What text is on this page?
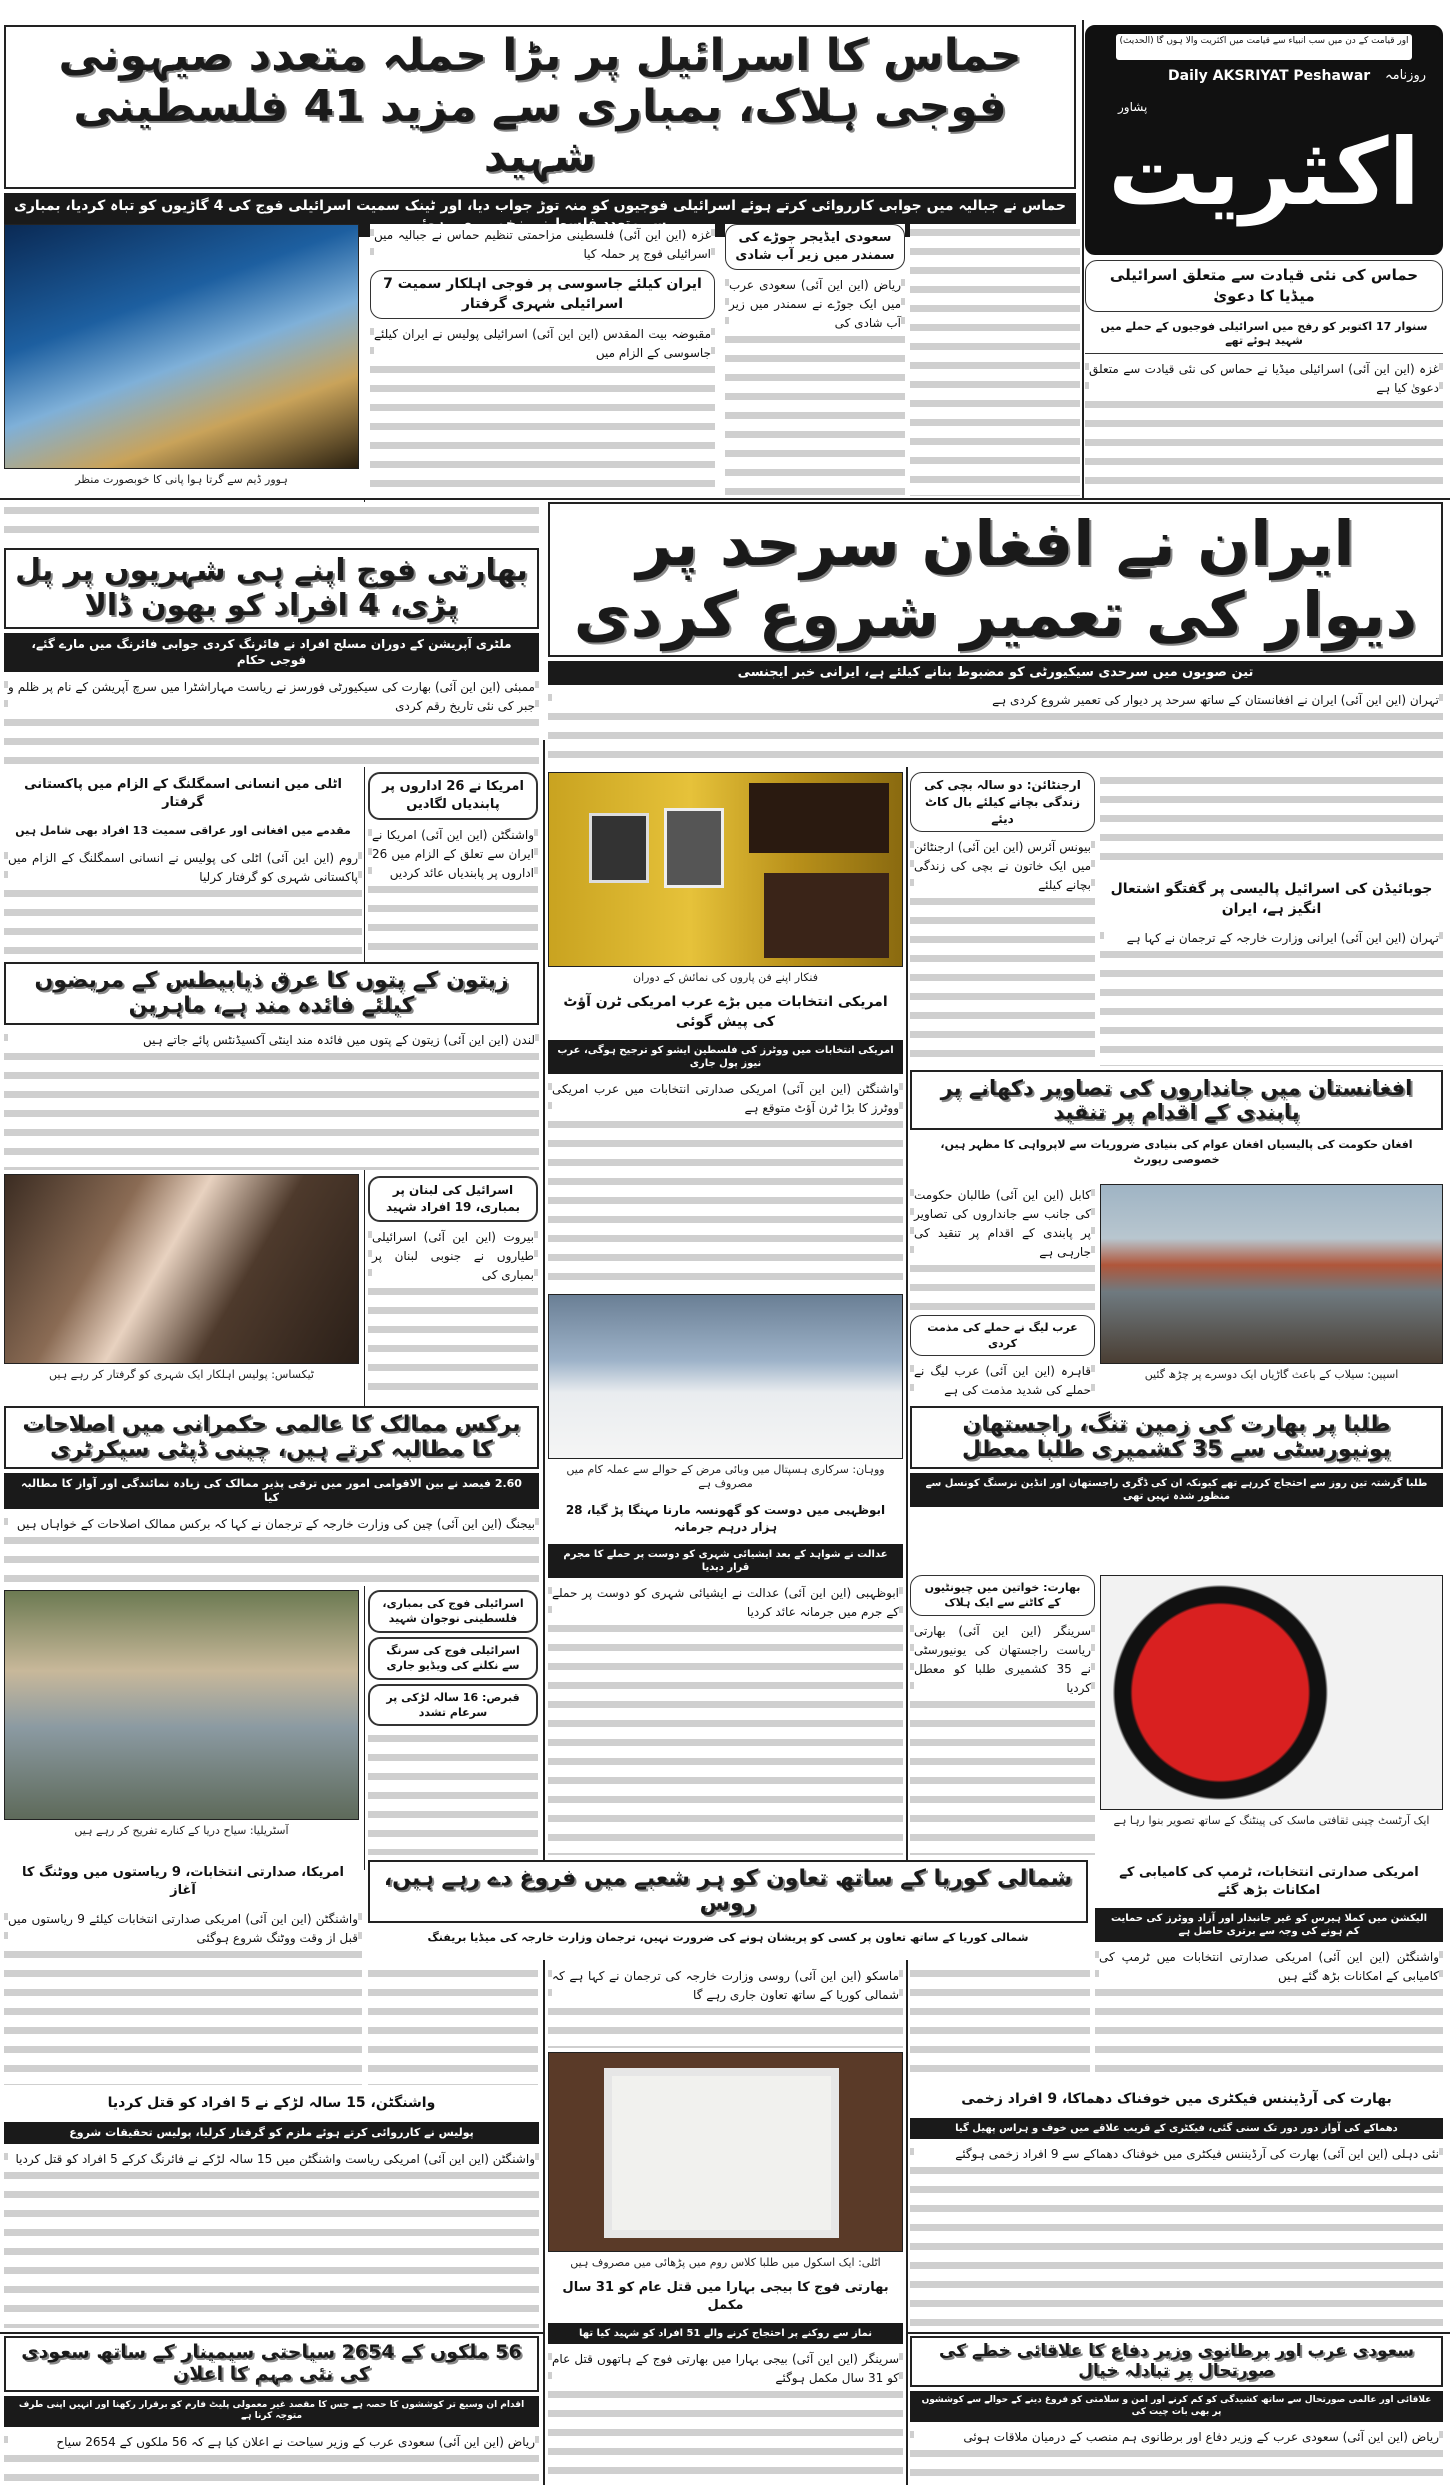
اور قیامت کے دن میں سب انبیاء سے قیامت میں اکثریت والا ہوں گا (الحدیث)
روزنامہ
Daily AKSRIYAT Peshawar
پشاور
اکثریت
حماس کا اسرائیل پر بڑا حملہ متعدد صیہونی فوجی ہلاک، بمباری سے مزید 41 فلسطینی شہید
حماس نے جبالیہ میں جوابی کارروائی کرتے ہوئے اسرائیلی فوجیوں کو منہ توڑ جواب دیا، اور ٹینک سمیت اسرائیلی فوج کی 4 گاڑیوں کو تباہ کردیا، بمباری
ہوور ڈیم سے گرتا ہوا پانی کا خوبصورت منظر
غزہ (این این آئی) فلسطینی مزاحمتی تنظیم حماس نے جبالیہ میں اسرائیلی فوج پر حملہ کیا
ایران کیلئے جاسوسی پر فوجی اہلکار سمیت 7 اسرائیلی شہری گرفتار
مقبوضہ بیت المقدس (این این آئی) اسرائیلی پولیس نے ایران کیلئے جاسوسی کے الزام میں
سعودی ایڈیجر جوڑے کی سمندر میں زیر آب شادی
ریاض (این این آئی) سعودی عرب میں ایک جوڑے نے سمندر میں زیر آب شادی کی
حماس کی نئی قیادت سے متعلق اسرائیلی میڈیا کا دعویٰ
سنوار 17 اکتوبر کو رفح میں اسرائیلی فوجیوں کے حملے میں شہید ہوئے تھے
غزہ (این این آئی) اسرائیلی میڈیا نے حماس کی نئی قیادت سے متعلق دعویٰ کیا ہے
بھارتی فوج اپنے ہی شہریوں پر پل پڑی، 4 افراد کو بھون ڈالا
ملٹری آپریشن کے دوران مسلح افراد نے فائرنگ کردی جوابی فائرنگ میں مارے گئے، فوجی حکام
ممبئی (این این آئی) بھارت کی سیکیورٹی فورسز نے ریاست مہاراشٹرا میں سرچ آپریشن کے نام پر ظلم و جبر کی نئی تاریخ رقم کردی
ایران نے افغان سرحد پر دیوار کی تعمیر شروع کردی
تین صوبوں میں سرحدی سیکیورٹی کو مضبوط بنانے کیلئے ہے، ایرانی خبر ایجنسی
تہران (این این آئی) ایران نے افغانستان کے ساتھ سرحد پر دیوار کی تعمیر شروع کردی ہے
اٹلی میں انسانی اسمگلنگ کے الزام میں پاکستانی گرفتار
مقدمے میں افغانی اور عراقی سمیت 13 افراد بھی شامل ہیں
روم (این این آئی) اٹلی کی پولیس نے انسانی اسمگلنگ کے الزام میں پاکستانی شہری کو گرفتار کرلیا
امریکا نے 26 اداروں پر پابندیاں لگادیں
واشنگٹن (این این آئی) امریکا نے ایران سے تعلق کے الزام میں 26 اداروں پر پابندیاں عائد کردیں
فنکار اپنے فن پاروں کی نمائش کے دوران
امریکی انتخابات میں بڑے عرب امریکی ٹرن آؤٹ کی پیش گوئی
امریکی انتخابات میں ووٹرز کی فلسطین ایشو کو ترجیح ہوگی، عرب نیوز پول جاری
واشنگٹن (این این آئی) امریکی صدارتی انتخابات میں عرب امریکی ووٹرز کا بڑا ٹرن آؤٹ متوقع ہے
ارجنٹائن: دو سالہ بچی کی زندگی بچانے کیلئے بال کاٹ دیئے
بیونس آئرس (این این آئی) ارجنٹائن میں ایک خاتون نے بچی کی زندگی بچانے کیلئے	جوبائیڈن کی اسرائیل پالیسی پر گفتگو اشتعال انگیز ہے، ایران
تہران (این این آئی) ایرانی وزارت خارجہ کے ترجمان نے کہا ہے
زیتون کے پتوں کا عرق ذیابیطس کے مریضوں کیلئے فائدہ مند ہے، ماہرین
لندن (این این آئی) زیتون کے پتوں میں فائدہ مند اینٹی آکسیڈنٹس پائے جاتے ہیں
افغانستان میں جانداروں کی تصاویر دکھانے پر پابندی کے اقدام پر تنقید
افغان حکومت کی پالیسیاں افغان عوام کی بنیادی ضروریات سے لاپرواہی کا مظہر ہیں، خصوصی رپورٹ
ٹیکساس: پولیس اہلکار ایک شہری کو گرفتار کر رہے ہیں
اسرائیل کی لبنان پر بمباری، 19 افراد شہید
بیروت (این این آئی) اسرائیلی طیاروں نے جنوبی لبنان پر بمباری کی
ووہان: سرکاری ہسپتال میں وبائی مرض کے حوالے سے عملہ کام میں مصروف ہے
کابل (این این آئی) طالبان حکومت کی جانب سے جانداروں کی تصاویر پر پابندی کے اقدام پر تنقید کی جارہی ہے
عرب لیگ نے حملے کی مذمت کردی
قاہرہ (این این آئی) عرب لیگ نے حملے کی شدید مذمت کی ہے
اسپین: سیلاب کے باعث گاڑیاں ایک دوسرے پر چڑھ گئیں
برکس ممالک کا عالمی حکمرانی میں اصلاحات کا مطالبہ کرتے ہیں، چینی ڈپٹی سیکرٹری
2.60 فیصد نے بین الاقوامی امور میں ترقی پذیر ممالک کی زیادہ نمائندگی اور آواز کا مطالبہ کیا
بیجنگ (این این آئی) چین کی وزارت خارجہ کے ترجمان نے کہا کہ برکس ممالک اصلاحات کے خواہاں ہیں
ابوظہبی میں دوست کو گھونسہ مارنا مہنگا پڑ گیا، 28 ہزار درہم جرمانہ
عدالت نے شواہد کے بعد ایشیائی شہری کو دوست پر حملے کا مجرم قرار دیدیا
ابوظہبی (این این آئی) عدالت نے ایشیائی شہری کو دوست پر حملے کے جرم میں جرمانہ عائد کردیا
طلبا پر بھارت کی زمین تنگ، راجستھان یونیورسٹی سے 35 کشمیری طلبا معطل
طلبا گزشتہ تین روز سے احتجاج کررہے تھے کیونکہ ان کی ڈگری راجستھان اور انڈین نرسنگ کونسل سے منظور شدہ نہیں تھی
آسٹریلیا: سیاح دریا کے کنارے تفریح کر رہے ہیں
اسرائیلی فوج کی بمباری، فلسطینی نوجوان شہید
اسرائیلی فوج کی سرنگ سے نکلنے کی ویڈیو جاری
قبرص: 16 سالہ لڑکی پر سرعام تشدد
بھارت: خواتین میں چیونٹیوں کے کاٹنے سے ایک ہلاک
سرینگر (این این آئی) بھارتی ریاست راجستھان کی یونیورسٹی نے 35 کشمیری طلبا کو معطل کردیا
ایک آرٹسٹ چینی ثقافتی ماسک کی پینٹنگ کے ساتھ تصویر بنوا رہا ہے
امریکا، صدارتی انتخابات، 9 ریاستوں میں ووٹنگ کا آغاز
واشنگٹن (این این آئی) امریکی صدارتی انتخابات کیلئے 9 ریاستوں میں قبل از وقت ووٹنگ شروع ہوگئی
شمالی کوریا کے ساتھ تعاون کو ہر شعبے میں فروغ دے رہے ہیں، روس
شمالی کوریا کے ساتھ تعاون پر کسی کو پریشان ہونے کی ضرورت نہیں، ترجمان وزارت خارجہ کی میڈیا بریفنگ
امریکی صدارتی انتخابات، ٹرمپ کی کامیابی کے امکانات بڑھ گئے
الیکشن میں کملا ہیرس کو غیر جانبدار اور آزاد ووٹرز کی حمایت کم ہونے کی وجہ سے برتری حاصل ہے
واشنگٹن (این این آئی) امریکی صدارتی انتخابات میں ٹرمپ کی کامیابی کے امکانات بڑھ گئے ہیں
ماسکو (این این آئی) روسی وزارت خارجہ کی ترجمان نے کہا ہے کہ شمالی کوریا کے ساتھ تعاون جاری رہے گا
اٹلی: ایک اسکول میں طلبا کلاس روم میں پڑھائی میں مصروف ہیں
واشنگٹن، 15 سالہ لڑکے نے 5 افراد کو قتل کردیا
پولیس نے کارروائی کرتے ہوئے ملزم کو گرفتار کرلیا، پولیس تحقیقات شروع
واشنگٹن (این این آئی) امریکی ریاست واشنگٹن میں 15 سالہ لڑکے نے فائرنگ کرکے 5 افراد کو قتل کردیا
بھارت کی آرڈیننس فیکٹری میں خوفناک دھماکا، 9 افراد زخمی
دھماکے کی آواز دور دور تک سنی گئی، فیکٹری کے قریب علاقے میں خوف و ہراس پھیل گیا
نئی دہلی (این این آئی) بھارت کی آرڈیننس فیکٹری میں خوفناک دھماکے سے 9 افراد زخمی ہوگئے
بھارتی فوج کا بیجی بہارا میں قتل عام کو 31 سال مکمل
نماز سے روکنے پر احتجاج کرنے والے 51 افراد کو شہید کیا تھا
سرینگر (این این آئی) بیجی بہارا میں بھارتی فوج کے ہاتھوں قتل عام کو 31 سال مکمل ہوگئے
56 ملکوں کے 2654 سیاحتی سیمینار کے ساتھ سعودی کی نئی مہم کا اعلان
اقدام ان وسیع تر کوششوں کا حصہ ہے جس کا مقصد غیر معمولی پلیٹ فارم کو برقرار رکھنا اور انہیں اپنی طرف متوجہ کرنا ہے
ریاض (این این آئی) سعودی عرب کے وزیر سیاحت نے اعلان کیا ہے کہ 56 ملکوں کے 2654 سیاح
سعودی عرب اور برطانوی وزیر دفاع کا علاقائی خطے کی صورتحال پر تبادلہ خیال
علاقائی اور عالمی صورتحال سے ساتھ کشیدگی کو کم کرنے اور امن و سلامتی کو فروغ دینے کے حوالے سے کوششوں پر بھی بات چیت کی
ریاض (این این آئی) سعودی عرب کے وزیر دفاع اور برطانوی ہم منصب کے درمیان ملاقات ہوئی
